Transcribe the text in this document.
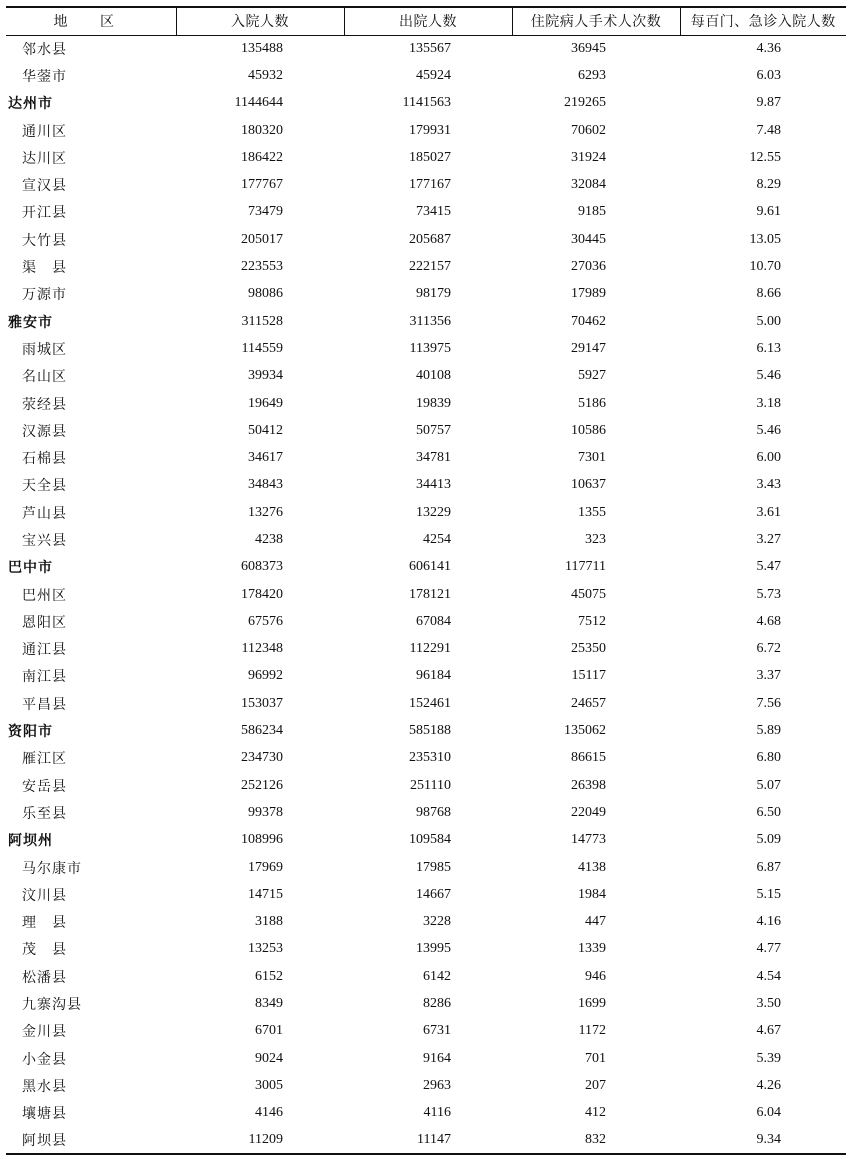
地 区	入院人数	出院人数	住院病人手术人次数	每百门、急诊入院人数
邻水县	135488	135567	36945	4.36
华蓥市	45932	45924	6293	6.03
达州市	1144644	1141563	219265	9.87
通川区	180320	179931	70602	7.48
达川区	186422	185027	31924	12.55
宣汉县	177767	177167	32084	8.29
开江县	73479	73415	9185	9.61
大竹县	205017	205687	30445	13.05
渠　县	223553	222157	27036	10.70
万源市	98086	98179	17989	8.66
雅安市	311528	311356	70462	5.00
雨城区	114559	113975	29147	6.13
名山区	39934	40108	5927	5.46
荥经县	19649	19839	5186	3.18
汉源县	50412	50757	10586	5.46
石棉县	34617	34781	7301	6.00
天全县	34843	34413	10637	3.43
芦山县	13276	13229	1355	3.61
宝兴县	4238	4254	323	3.27
巴中市	608373	606141	117711	5.47
巴州区	178420	178121	45075	5.73
恩阳区	67576	67084	7512	4.68
通江县	112348	112291	25350	6.72
南江县	96992	96184	15117	3.37
平昌县	153037	152461	24657	7.56
资阳市	586234	585188	135062	5.89
雁江区	234730	235310	86615	6.80
安岳县	252126	251110	26398	5.07
乐至县	99378	98768	22049	6.50
阿坝州	108996	109584	14773	5.09
马尔康市	17969	17985	4138	6.87
汶川县	14715	14667	1984	5.15
理　县	3188	3228	447	4.16
茂　县	13253	13995	1339	4.77
松潘县	6152	6142	946	4.54
九寨沟县	8349	8286	1699	3.50
金川县	6701	6731	1172	4.67
小金县	9024	9164	701	5.39
黑水县	3005	2963	207	4.26
壤塘县	4146	4116	412	6.04
阿坝县	11209	11147	832	9.34
